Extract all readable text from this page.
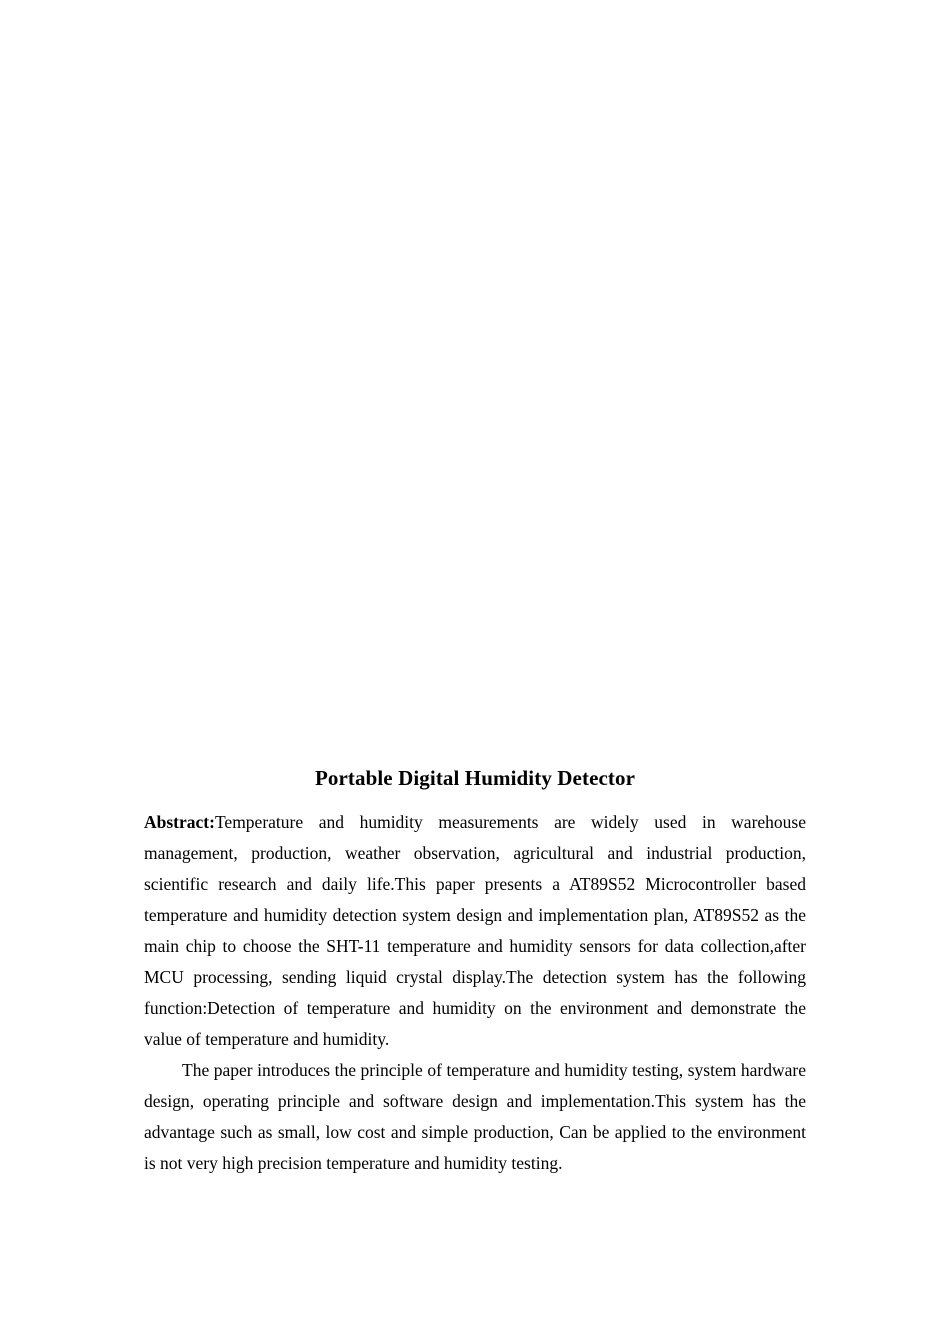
Portable Digital Humidity Detector

Abstract:Temperature and humidity measurements are widely used in warehouse management, production, weather observation, agricultural and industrial production, scientific research and daily life.This paper presents a AT89S52 Microcontroller based temperature and humidity detection system design and implementation plan, AT89S52 as the main chip to choose the SHT-11 temperature and humidity sensors for data collection,after MCU processing, sending liquid crystal display.The detection system has the following function:Detection of temperature and humidity on the environment and demonstrate the value of temperature and humidity.

The paper introduces the principle of temperature and humidity testing, system hardware design, operating principle and software design and implementation.This system has the advantage such as small, low cost and simple production, Can be applied to the environment is not very high precision temperature and humidity testing.
